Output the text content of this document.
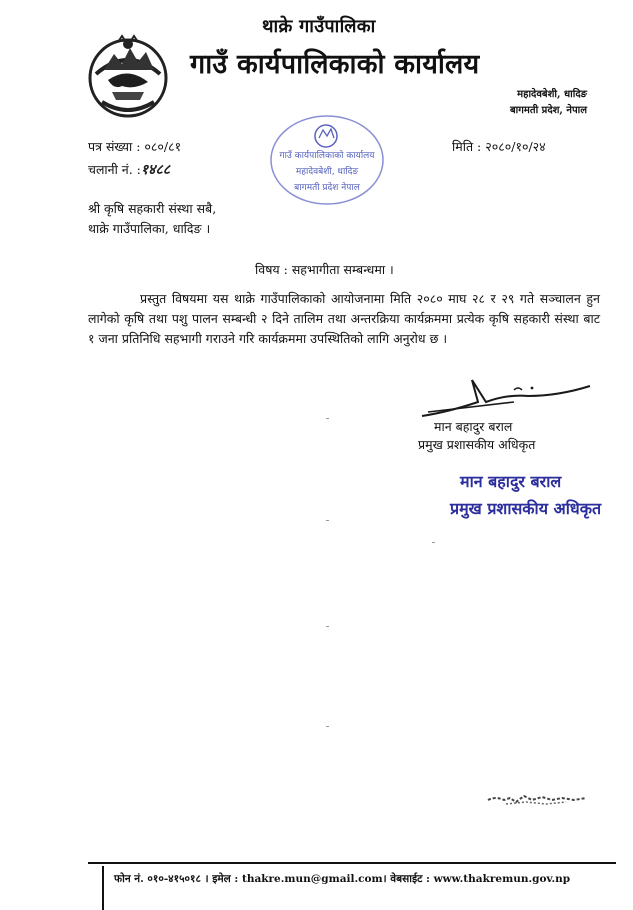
थाक्रे गाउँपालिका
गाउँ कार्यपालिकाको कार्यालय
महादेवबेशी, धादिङ
बागमती प्रदेश, नेपाल
गाउँ कार्यपालिकाको कार्यालय
महादेवबेशी, धादिङ
बागमती प्रदेश नेपाल
पत्र संख्या : ०८०/८१
चलानी नं. :१४८८
मिति : २०८०/१०/२४
श्री कृषि सहकारी संस्था सबै,
थाक्रे गाउँपालिका, धादिङ ।
विषय : सहभागीता सम्बन्धमा ।
प्रस्तुत विषयमा यस थाक्रे गाउँपालिकाको आयोजनामा मिति २०८० माघ २८ र २९ गते सञ्चालन हुन लागेको कृषि तथा पशु पालन सम्बन्धी २ दिने तालिम तथा अन्तरक्रिया कार्यक्रममा प्रत्येक कृषि सहकारी संस्था बाट १ जना प्रतिनिधि सहभागी गराउने गरि कार्यक्रममा उपस्थितिको लागि अनुरोध छ ।
मान बहादुर बराल
प्रमुख प्रशासकीय अधिकृत
मान बहादुर बराल
प्रमुख प्रशासकीय अधिकृत
फोन नं. ०१०-४१५०१८ । इमेल : thakre.mun@gmail.com। वेबसाईट : www.thakremun.gov.np
